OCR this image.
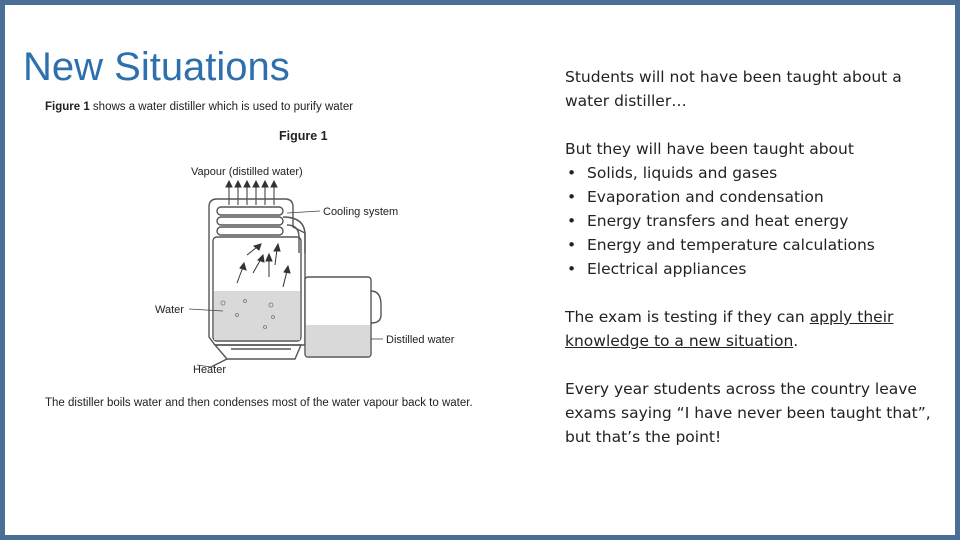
New Situations
Figure 1 shows a water distiller which is used to purify water
Figure 1
Vapour (distilled water)
Cooling system
Water
Distilled water
Heater
The distiller boils water and then condenses most of the water vapour back to water.

Students will not have been taught about a water distiller…

But they will have been taught about
• Solids, liquids and gases
• Evaporation and condensation
• Energy transfers and heat energy
• Energy and temperature calculations
• Electrical appliances

The exam is testing if they can apply their knowledge to a new situation.

Every year students across the country leave exams saying “I have never been taught that”, but that’s the point!
